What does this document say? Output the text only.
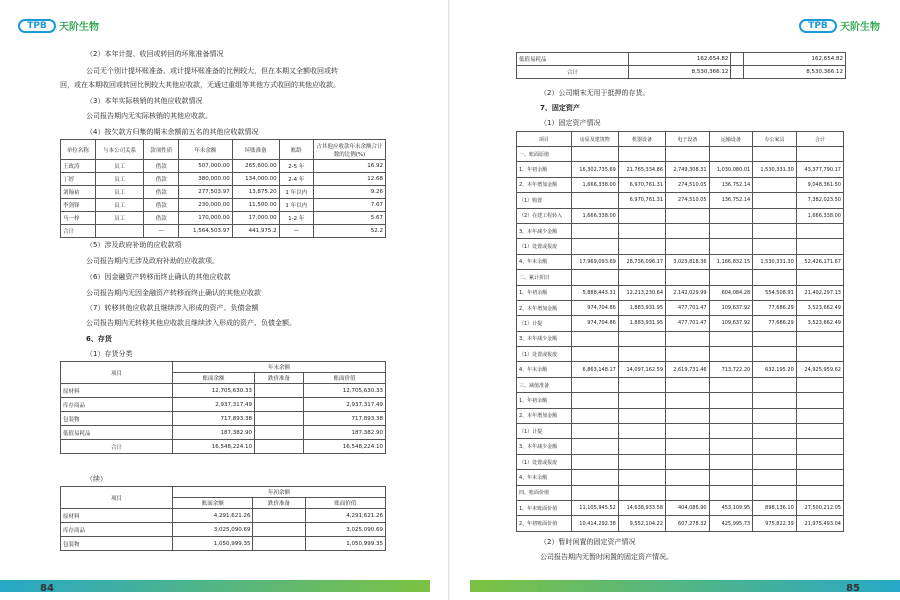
TPB	天阶生物
（2）本年计提、收回或转回的坏账准备情况
公司无个别计提坏账准备、或计提坏账准备的比例较大，但在本期又全额收回或转
回，或在本期收回或转回比例较大其他应收款，无通过重组等其他方式收回的其他应收款。
（3）本年实际核销的其他应收款情况
公司报告期内无实际核销的其他应收款。
（4）按欠款方归集的期末余额前五名的其他应收款情况
单位名称	与本公司关系	款项性质	年末余额	坏账准备	账龄	占其他应收款年末余额合计数的比例(%)
王政涛	员工	借款	507,000.00	265,600.00	2-5 年	16.92
丁婷	员工	借款	380,000.00	134,000.00	2-4 年	12.68
刘翰祐	员工	借款	277,503.97	13,875.20	1 年以内	9.26
李剑锋	员工	借款	230,000.00	11,500.00	1 年以内	7.67
马一梓	员工	借款	170,000.00	17,000.00	1-2 年	5.67
合计		—	1,564,503.97	441,975.2	—	52.2
（5）涉及政府补助的应收款项
公司报告期内无涉及政府补助的应收款项。
（6）因金融资产转移而终止确认的其他应收款
公司报告期内无因金融资产转移而终止确认的其他应收款
（7）转移其他应收款且继续涉入形成的资产、负债金额
公司报告期内无转移其他应收款且继续涉入形成的资产、负债金额。
6、存货
（1）存货分类
项目	年末余额		
	账面余额	跌价准备	账面价值
原材料	12,705,630.33		12,705,630.33
库存商品	2,937,317.49		2,937,317.49
包装物	717,893.38		717,893.38
低值易耗品	187,382.90		187,382.90
合计	16,548,224.10		16,548,224.10
（续）
项目	年初余额		
	账面余额	跌价准备	账面价值
原材料	4,291,621.26		4,291,621.26
库存商品	3,025,090.69		3,025,090.69
包装物	1,050,999.35		1,050,999.35
84
TPB	天阶生物
低值易耗品	162,654.82		162,654.82
合计	8,530,366.12		8,530,366.12
（2）公司期末无用于抵押的存货。
7、固定资产
（1）固定资产情况
项目	房屋及建筑物	机器设备	电子设备	运输设备	办公家具	合计
一、账面原值						
1、年初余额	16,302,735.69	21,765,334.86	2,749,308.31	1,030,080.01	1,530,331.30	43,377,790.17
2、本年增加金额	1,666,338.00	6,970,761.31	274,510.05	136,752.14		9,048,361.50
（1）购置		6,970,761.31	274,510.05	136,752.14		7,382,023.50
（2）在建工程转入	1,666,338.00					1,666,338.00
3、本年减少金额						
（1）处置或报废						
4、年末余额	17,969,093.69	28,736,096.17	3,023,818.36	1,166,832.15	1,530,331.30	52,426,171.67
二、累计折旧						
1、年初余额	5,888,443.31	12,213,230.64	2,142,029.99	604,084.28	554,508.91	21,402,297.13
2、本年增加金额	974,704.86	1,883,931.95	477,701.47	109,637.92	77,686.29	3,523,662.49
（1）计提	974,704.86	1,883,931.95	477,701.47	109,637.92	77,686.29	3,523,662.49
3、本年减少金额						
（1）处置或报废						
4、年末余额	6,863,148.17	14,097,162.59	2,619,731.46	713,722.20	632,195.20	24,925,959.62
三、减值准备						
1、年初余额						
2、本年增加金额						
（1）计提						
3、本年减少金额						
（1）处置或报废						
4、年末余额						
四、账面价值						
1、年末账面价值	11,105,945.52	14,638,933.58	404,086.90	453,109.95	898,136.10	27,500,212.05
2、年初账面价值	10,414,292.38	9,552,104.22	607,278.32	425,995.73	975,822.39	21,975,493.04
（2）暂时闲置的固定资产情况
公司报告期内无暂时闲置的固定资产情况。
85
